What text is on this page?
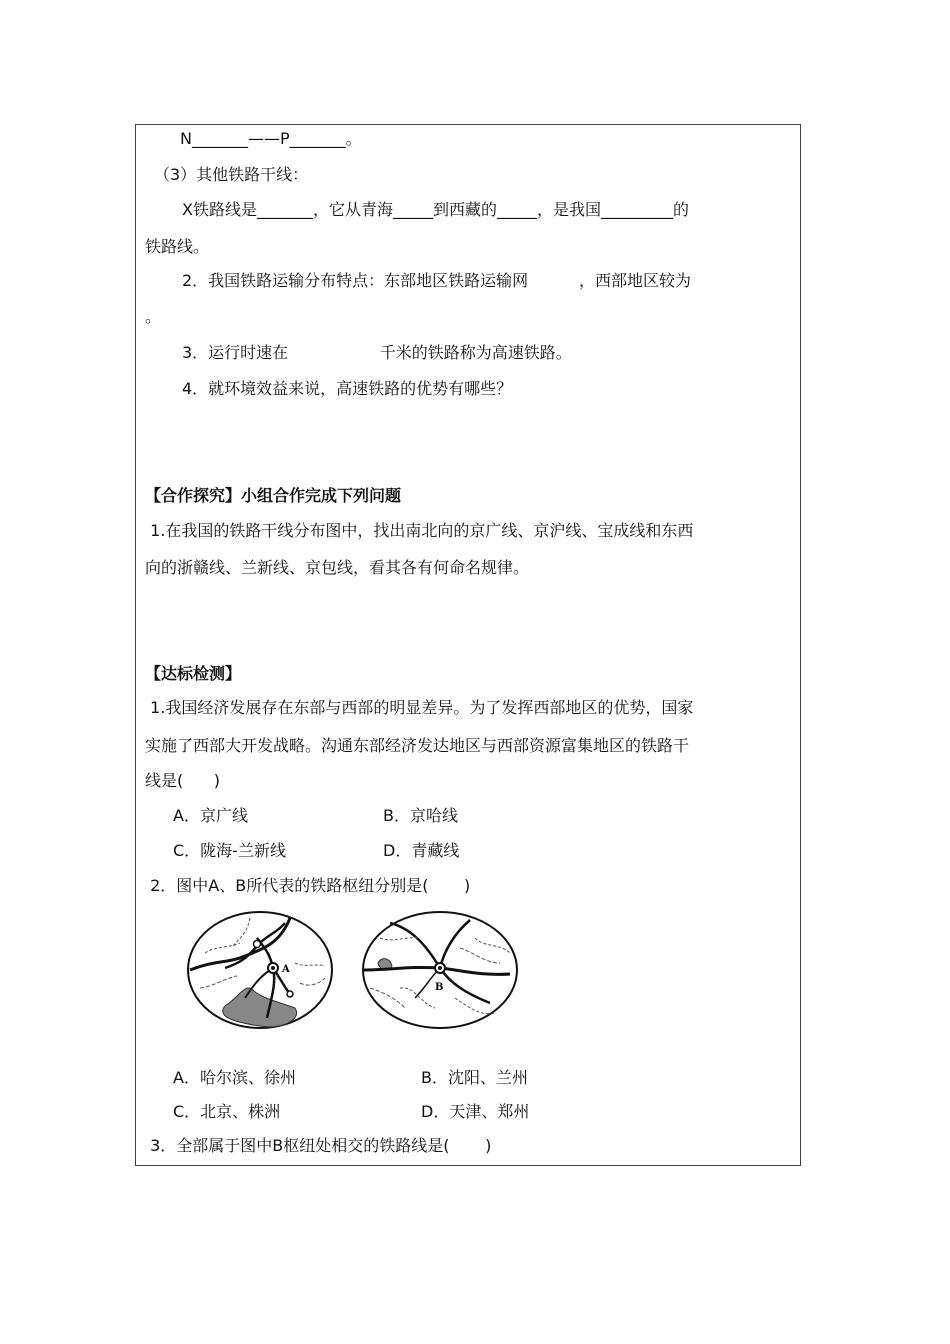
N_______——P_______。
（3）其他铁路干线：
X铁路线是_______，它从青海_____到西藏的_____，是我国_________的
铁路线。
2．我国铁路运输分布特点：东部地区铁路运输网          ，西部地区较为
。
3．运行时速在                  千米的铁路称为高速铁路。
4．就环境效益来说，高速铁路的优势有哪些？
【合作探究】小组合作完成下列问题
1.在我国的铁路干线分布图中，找出南北向的京广线、京沪线、宝成线和东西
向的浙赣线、兰新线、京包线，看其各有何命名规律。
【达标检测】
1.我国经济发展存在东部与西部的明显差异。为了发挥西部地区的优势，国家
实施了西部大开发战略。沟通东部经济发达地区与西部资源富集地区的铁路干
线是(      )
A．京广线	B．京哈线
C．陇海-兰新线	D．青藏线
2．图中A、B所代表的铁路枢纽分别是(       )
A
B
A．哈尔滨、徐州	B．沈阳、兰州
C．北京、株洲	D．天津、郑州
3．全部属于图中B枢纽处相交的铁路线是(       )
